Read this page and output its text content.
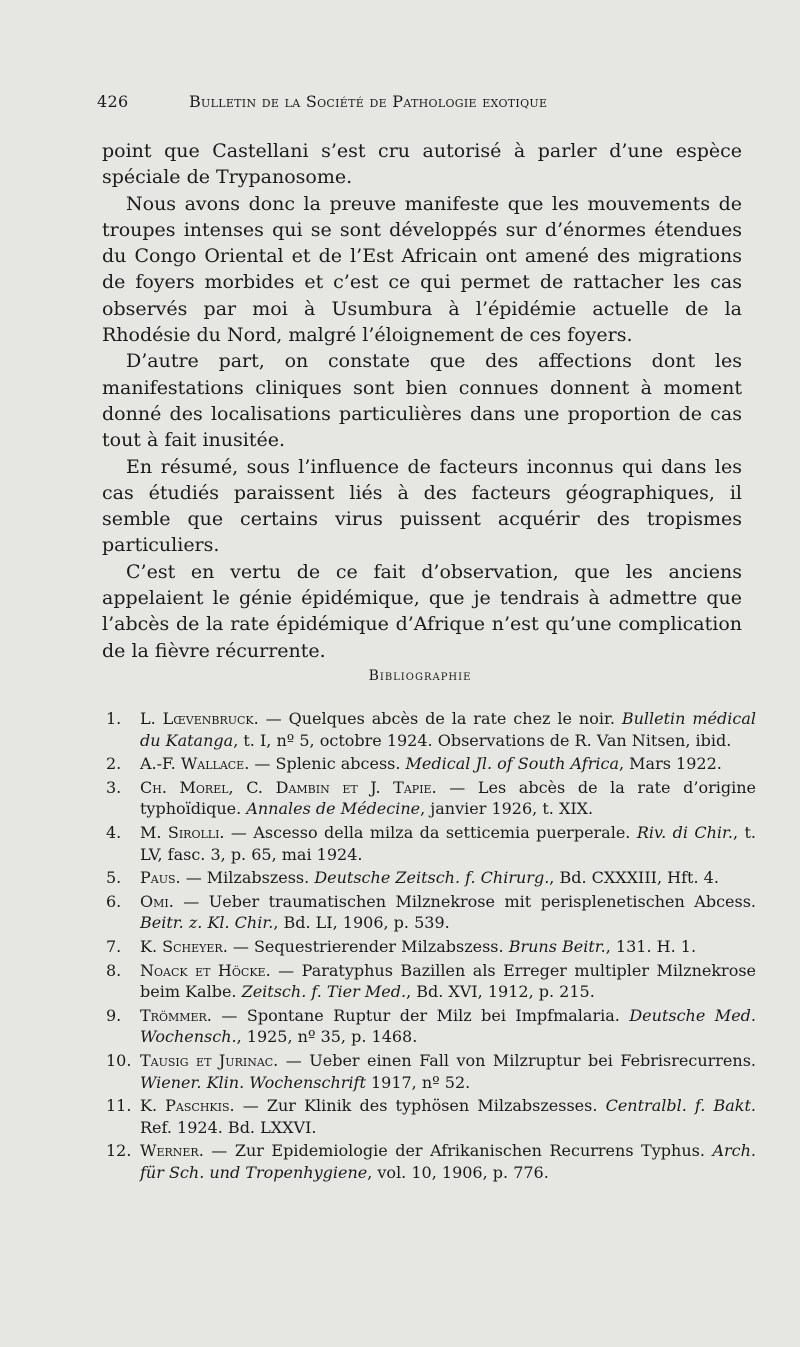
426	Bulletin de la Société de Pathologie exotique

point que Castellani s’est cru autorisé à parler d’une espèce spéciale de Trypanosome.

Nous avons donc la preuve manifeste que les mouvements de troupes intenses qui se sont développés sur d’énormes étendues du Congo Oriental et de l’Est Africain ont amené des migrations de foyers morbides et c’est ce qui permet de rattacher les cas observés par moi à Usumbura à l’épidémie actuelle de la Rhodésie du Nord, malgré l’éloignement de ces foyers.

D’autre part, on constate que des affections dont les manifestations cliniques sont bien connues donnent à moment donné des localisations particulières dans une proportion de cas tout à fait inusitée.

En résumé, sous l’influence de facteurs inconnus qui dans les cas étudiés paraissent liés à des facteurs géographiques, il semble que certains virus puissent acquérir des tropismes particuliers.

C’est en vertu de ce fait d’observation, que les anciens appelaient le génie épidémique, que je tendrais à admettre que l’abcès de la rate épidémique d’Afrique n’est qu’une complication de la fièvre récurrente.

Bibliographie
1.	L. Lœvenbruck. — Quelques abcès de la rate chez le noir. Bulletin médical du Katanga, t. I, nº 5, octobre 1924. Observations de R. Van Nitsen, ibid.
2.	A.-F. Wallace. — Splenic abcess. Medical Jl. of South Africa, Mars 1922.
3.	Ch. Morel, C. Dambin et J. Tapie. — Les abcès de la rate d’origine typhoïdique. Annales de Médecine, janvier 1926, t. XIX.
4.	M. Sirolli. — Ascesso della milza da setticemia puerperale. Riv. di Chir., t. LV, fasc. 3, p. 65, mai 1924.
5.	Paus. — Milzabszess. Deutsche Zeitsch. f. Chirurg., Bd. CXXXIII, Hft. 4.
6.	Omi. — Ueber traumatischen Milznekrose mit perisplenetischen Abcess. Beitr. z. Kl. Chir., Bd. LI, 1906, p. 539.
7.	K. Scheyer. — Sequestrierender Milzabszess. Bruns Beitr., 131. H. 1.
8.	Noack et Höcke. — Paratyphus Bazillen als Erreger multipler Milznekrose beim Kalbe. Zeitsch. f. Tier Med., Bd. XVI, 1912, p. 215.
9.	Trömmer. — Spontane Ruptur der Milz bei Impfmalaria. Deutsche Med. Wochensch., 1925, nº 35, p. 1468.
10. Tausig et Jurinac. — Ueber einen Fall von Milzruptur bei Febrisrecurrens. Wiener. Klin. Wochenschrift 1917, nº 52.
11. K. Paschkis. — Zur Klinik des typhösen Milzabszesses. Centralbl. f. Bakt. Ref. 1924. Bd. LXXVI.
12. Werner. — Zur Epidemiologie der Afrikanischen Recurrens Typhus. Arch. für Sch. und Tropenhygiene, vol. 10, 1906, p. 776.
